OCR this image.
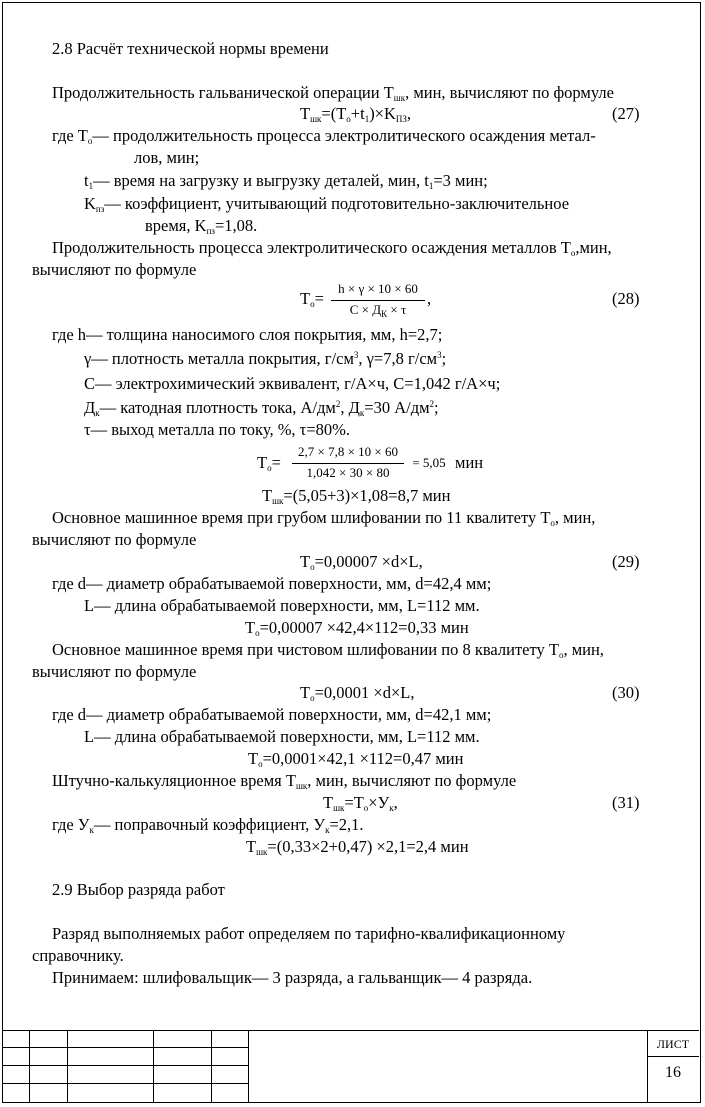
2.8 Расчёт технической нормы времени
Продолжительность гальванической операции $T_{шк}$, мин, вычисляют по формуле
$T_{шк}=(T_о+t_1)\times K_{ПЗ}$,	(27)
где $T_о—$ продолжительность процесса электролитического осаждения метал-
лов, мин;
$t_1—$ время на загрузку и выгрузку деталей, мин, $t_1=3$ мин;
$K_{пз}—$ коэффициент, учитывающий подготовительно-заключительное
время, $K_{пз}=1,08$.
Продолжительность процесса электролитического осаждения металлов $T_о,мин$,
вычисляют по формуле
$T_о=$
h × γ × 10 × 60
$C \times Д_К \times \tau$
,	(28)
где h— толщина наносимого слоя покрытия, мм, h=2,7;
γ— плотность металла покрытия, $г/см^3$, γ=7,8 $г/см^3$;
С— электрохимический эквивалент, г/А×ч, С=1,042 г/А×ч;
$Д_к—$ катодная плотность тока, $А/дм^2$, $Д_к=30$ $А/дм^2$;
τ— выход металла по току, %, τ=80%.
$T_о=$
2,7 × 7,8 × 10 × 60
1,042 × 30 × 80
= 5,05 мин
$T_{шк}=(5,05+3)\times 1,08=8,7$ мин
Основное машинное время при грубом шлифовании по 11 квалитету $T_о$, мин,
вычисляют по формуле
$T_о=0,00007 \times d\times L$,	(29)
где d— диаметр обрабатываемой поверхности, мм, d=42,4 мм;
L— длина обрабатываемой поверхности, мм, L=112 мм.
$T_о=0,00007 \times 42,4\times 112=0,33$ мин
Основное машинное время при чистовом шлифовании по 8 квалитету $T_о$, мин,
вычисляют по формуле
$T_о=0,0001 \times d\times L$,	(30)
где d— диаметр обрабатываемой поверхности, мм, d=42,1 мм;
L— длина обрабатываемой поверхности, мм, L=112 мм.
$T_о=0,0001\times 42,1 \times 112=0,47$ мин
Штучно-калькуляционное время $T_{шк}$, мин, вычисляют по формуле
$T_{шк}=T_о\times У_к$,	(31)
где $У_к—$ поправочный коэффициент, $У_к=2,1$.
$T_{шк}=(0,33\times 2+0,47) \times 2,1=2,4$ мин
2.9 Выбор разряда работ
Разряд выполняемых работ определяем по тарифно-квалификационному
справочнику.
Принимаем: шлифовальщик— 3 разряда, а гальванщик— 4 разряда.
ЛИСТ
16
